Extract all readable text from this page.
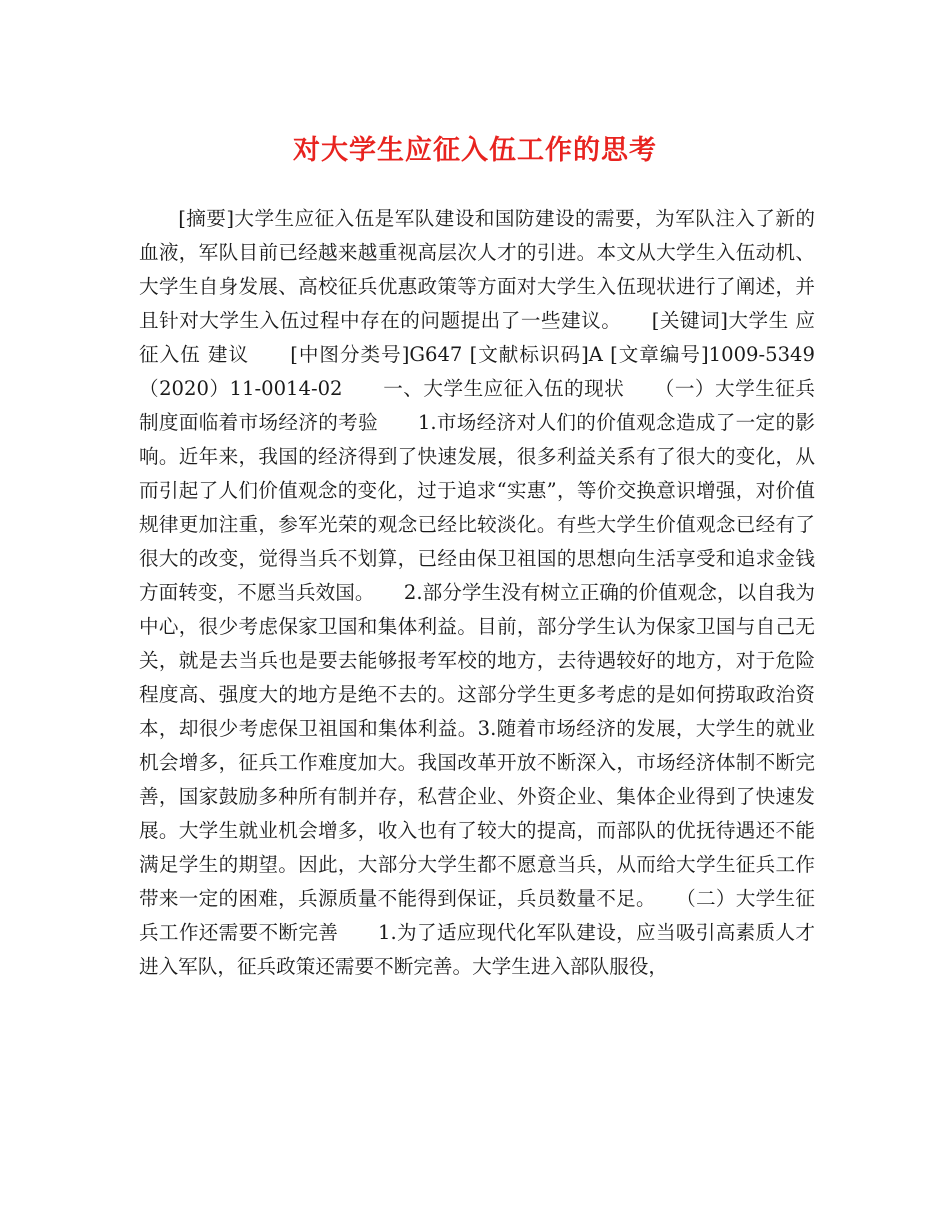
对大学生应征入伍工作的思考

[摘要]大学生应征入伍是军队建设和国防建设的需要，为军队注入了新的血液，军队目前已经越来越重视高层次人才的引进。本文从大学生入伍动机、大学生自身发展、高校征兵优惠政策等方面对大学生入伍现状进行了阐述，并且针对大学生入伍过程中存在的问题提出了一些建议。　　[关键词]大学生 应征入伍 建议　　[中图分类号]G647 [文献标识码]A [文章编号]1009-5349（2020）11-0014-02　　一、大学生应征入伍的现状　　（一）大学生征兵制度面临着市场经济的考验　　1.市场经济对人们的价值观念造成了一定的影响。近年来，我国的经济得到了快速发展，很多利益关系有了很大的变化，从而引起了人们价值观念的变化，过于追求“实惠”，等价交换意识增强，对价值规律更加注重，参军光荣的观念已经比较淡化。有些大学生价值观念已经有了很大的改变，觉得当兵不划算，已经由保卫祖国的思想向生活享受和追求金钱方面转变，不愿当兵效国。　　2.部分学生没有树立正确的价值观念，以自我为中心，很少考虑保家卫国和集体利益。目前，部分学生认为保家卫国与自己无关，就是去当兵也是要去能够报考军校的地方，去待遇较好的地方，对于危险程度高、强度大的地方是绝不去的。这部分学生更多考虑的是如何捞取政治资本，却很少考虑保卫祖国和集体利益。3.随着市场经济的发展，大学生的就业机会增多，征兵工作难度加大。我国改革开放不断深入，市场经济体制不断完善，国家鼓励多种所有制并存，私营企业、外资企业、集体企业得到了快速发展。大学生就业机会增多，收入也有了较大的提高，而部队的优抚待遇还不能满足学生的期望。因此，大部分大学生都不愿意当兵，从而给大学生征兵工作带来一定的困难，兵源质量不能得到保证，兵员数量不足。　　（二）大学生征兵工作还需要不断完善　　1.为了适应现代化军队建设，应当吸引高素质人才进入军队，征兵政策还需要不断完善。大学生进入部队服役，
